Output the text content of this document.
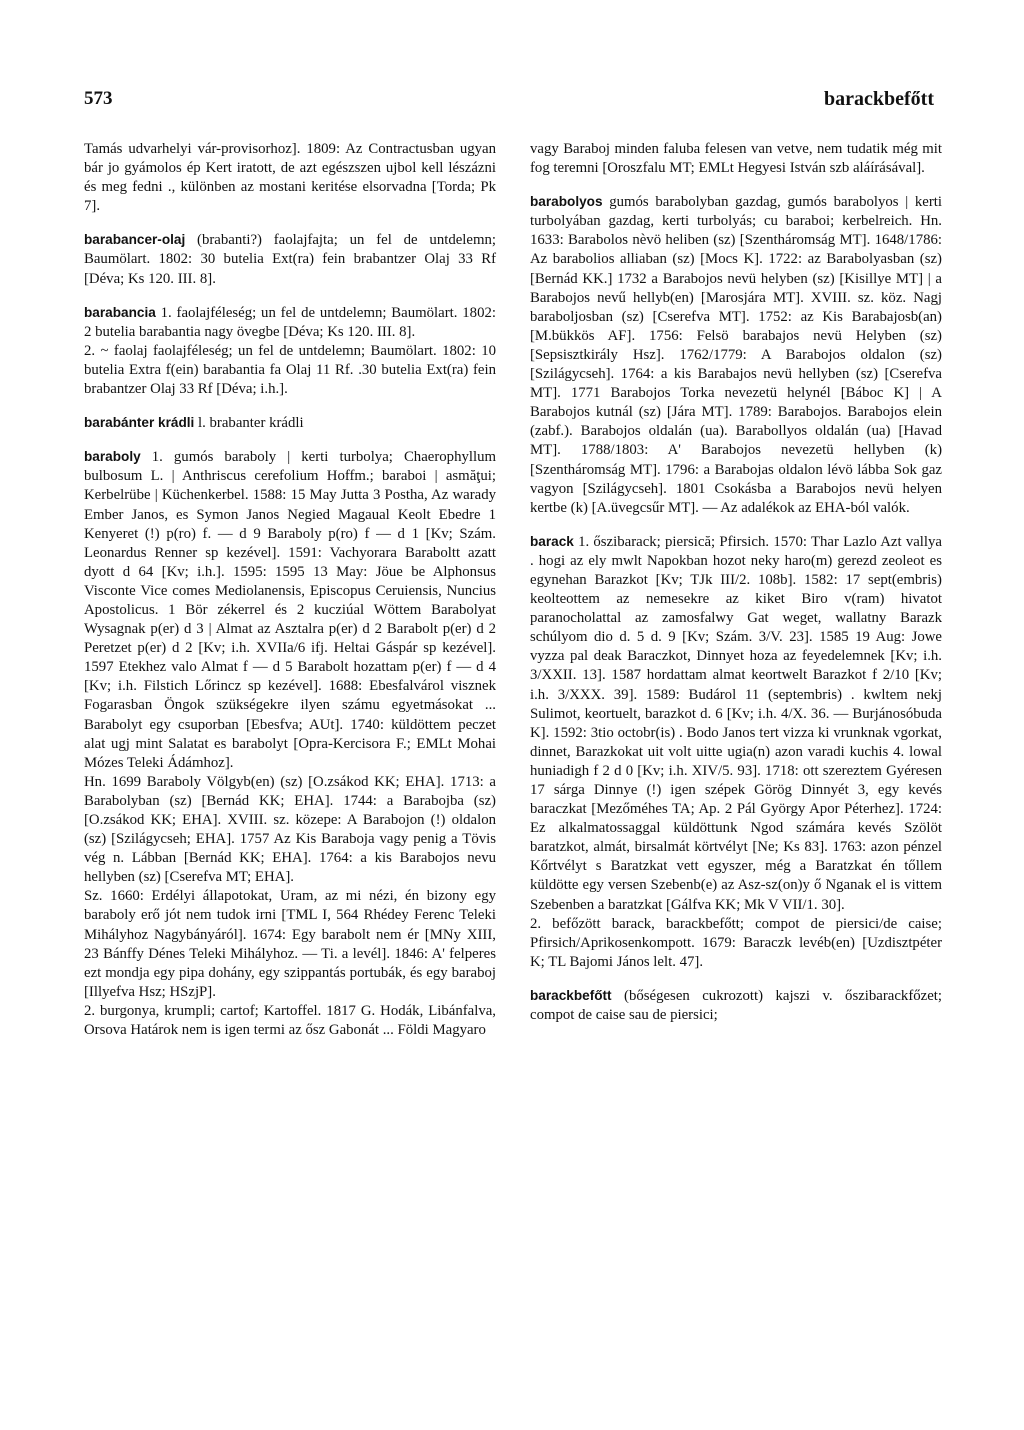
573	barackbefőtt

Tamás udvarhelyi vár-provisorhoz]. 1809: Az Contractusban ugyan bár jo gyámolos ép Kert iratott, de azt egészszen ujbol kell lészázni és meg fedni ., különben az mostani keritése elsorvadna [Torda; Pk 7].

barabancer-olaj (brabanti?) faolajfajta; un fel de untdelemn; Baumölart. 1802: 30 butelia Ext(ra) fein brabantzer Olaj 33 Rf [Déva; Ks 120. III. 8].

barabancia 1. faolajféleség; un fel de untdelemn; Baumölart. 1802: 2 butelia barabantia nagy övegbe [Déva; Ks 120. III. 8].

2. ~ faolaj faolajféleség; un fel de untdelemn; Baumölart. 1802: 10 butelia Extra f(ein) barabantia fa Olaj 11 Rf. .30 butelia Ext(ra) fein brabantzer Olaj 33 Rf [Déva; i.h.].

barabánter krádli l. brabanter krádli

baraboly 1. gumós baraboly | kerti turbolya; Chaerophyllum bulbosum L. | Anthriscus cerefolium Hoffm.; baraboi | asmăţui; Kerbelrübe | Küchenkerbel. 1588: 15 May Jutta 3 Postha, Az warady Ember Janos, es Symon Janos Negied Magaual Keolt Ebedre 1 Kenyeret (!) p(ro) f. — d 9 Baraboly p(ro) f — d 1 [Kv; Szám. Leonardus Renner sp kezével]. 1591: Vachyorara Baraboltt azatt dyott d 64 [Kv; i.h.]. 1595: 1595 13 May: Jöue be Alphonsus Visconte Vice comes Mediolanensis, Episcopus Ceruiensis, Nuncius Apostolicus. 1 Bör zékerrel és 2 kucziúal Wöttem Barabolyat Wysagnak p(er) d 3 | Almat az Asztalra p(er) d 2 Barabolt p(er) d 2 Peretzet p(er) d 2 [Kv; i.h. XVIIa/6 ifj. Heltai Gáspár sp kezével]. 1597 Etekhez valo Almat f — d 5 Barabolt hozattam p(er) f — d 4 [Kv; i.h. Filstich Lőrincz sp kezével]. 1688: Ebesfalvárol visznek Fogarasban Öngok szükségekre ilyen számu egyetmásokat ... Barabolyt egy csuporban [Ebesfva; AUt]. 1740: küldöttem peczet alat ugj mint Salatat es barabolyt [Opra-Kercisora F.; EMLt Mohai Mózes Teleki Ádámhoz].

Hn. 1699 Baraboly Völgyb(en) (sz) [O.zsákod KK; EHA]. 1713: a Barabolyban (sz) [Bernád KK; EHA]. 1744: a Barabojba (sz) [O.zsákod KK; EHA]. XVIII. sz. közepe: A Barabojon (!) oldalon (sz) [Szilágycseh; EHA]. 1757 Az Kis Baraboja vagy penig a Tövis vég n. Lábban [Bernád KK; EHA]. 1764: a kis Barabojos nevu hellyben (sz) [Cserefva MT; EHA].

Sz. 1660: Erdélyi állapotokat, Uram, az mi nézi, én bizony egy baraboly erő jót nem tudok irni [TML I, 564 Rhédey Ferenc Teleki Mihályhoz Nagybányáról]. 1674: Egy barabolt nem ér [MNy XIII, 23 Bánffy Dénes Teleki Mihályhoz. — Ti. a levél]. 1846: A' felperes ezt mondja egy pipa dohány, egy szippantás portubák, és egy baraboj [Illyefva Hsz; HSzjP].

2. burgonya, krumpli; cartof; Kartoffel. 1817 G. Hodák, Libánfalva, Orsova Határok nem is igen termi az ősz Gabonát ... Földi Magyaro

vagy Baraboj minden faluba felesen van vetve, nem tudatik még mit fog teremni [Oroszfalu MT; EMLt Hegyesi István szb aláírásával].

barabolyos gumós barabolyban gazdag, gumós barabolyos | kerti turbolyában gazdag, kerti turbolyás; cu baraboi; kerbelreich. Hn. 1633: Barabolos nèvö heliben (sz) [Szentháromság MT]. 1648/1786: Az barabolios alliaban (sz) [Mocs K]. 1722: az Barabolyasban (sz) [Bernád KK.] 1732 a Barabojos nevü helyben (sz) [Kisillye MT] | a Barabojos nevű hellyb(en) [Marosjára MT]. XVIII. sz. köz. Nagj baraboljosban (sz) [Cserefva MT]. 1752: az Kis Barabajosb(an) [M.bükkös AF]. 1756: Felsö barabajos nevü Helyben (sz) [Sepsisztkirály Hsz]. 1762/1779: A Barabojos oldalon (sz) [Szilágycseh]. 1764: a kis Barabajos nevü hellyben (sz) [Cserefva MT]. 1771 Barabojos Torka nevezetü helynél [Báboc K] | A Barabojos kutnál (sz) [Jára MT]. 1789: Barabojos. Barabojos elein (zabf.). Barabojos oldalán (ua). Barabollyos oldalán (ua) [Havad MT]. 1788/1803: A' Barabojos nevezetü hellyben (k) [Szentháromság MT]. 1796: a Barabojas oldalon lévö lábba Sok gaz vagyon [Szilágycseh]. 1801 Csokásba a Barabojos nevü helyen kertbe (k) [A.üvegcsűr MT]. — Az adalékok az EHA-ból valók.

barack 1. őszibarack; piersică; Pfirsich. 1570: Thar Lazlo Azt vallya . hogi az ely mwlt Napokban hozot neky haro(m) gerezd zeoleot es egynehan Barazkot [Kv; TJk III/2. 108b]. 1582: 17 sept(embris) keolteottem az nemesekre az kiket Biro v(ram) hivatot paranocholattal az zamosfalwy Gat weget, wallatny Barazk schúlyom dio d. 5 d. 9 [Kv; Szám. 3/V. 23]. 1585 19 Aug: Jowe vyzza pal deak Baraczkot, Dinnyet hoza az feyedelemnek [Kv; i.h. 3/XXII. 13]. 1587 hordattam almat keortwelt Barazkot f 2/10 [Kv; i.h. 3/XXX. 39]. 1589: Budárol 11 (septembris) . kwltem nekj Sulimot, keortuelt, barazkot d. 6 [Kv; i.h. 4/X. 36. — Burjánosóbuda K]. 1592: 3tio octobr(is) . Bodo Janos tert vizza ki vrunknak vgorkat, dinnet, Barazkokat uit volt uitte ugia(n) azon varadi kuchis 4. lowal huniadigh f 2 d 0 [Kv; i.h. XIV/5. 93]. 1718: ott szereztem Gyéresen 17 sárga Dinnye (!) igen szépek Görög Dinnyét 3, egy kevés baraczkat [Mezőméhes TA; Ap. 2 Pál György Apor Péterhez]. 1724: Ez alkalmatossaggal küldöttunk Ngod számára kevés Szölöt baratzkot, almát, birsalmát körtvélyt [Ne; Ks 83]. 1763: azon pénzel Kőrtvélyt s Baratzkat vett egyszer, még a Baratzkat én tőllem küldötte egy versen Szebenb(e) az Asz-sz(on)y ő Nganak el is vittem Szebenben a baratzkat [Gálfva KK; Mk V VII/1. 30].

2. befőzött barack, barackbefőtt; compot de piersici/de caise; Pfirsich/Aprikosenkompott. 1679: Baraczk levéb(en) [Uzdisztpéter K; TL Bajomi János lelt. 47].

barackbefőtt (bőségesen cukrozott) kajszi v. őszibarackfőzet; compot de caise sau de piersici;
